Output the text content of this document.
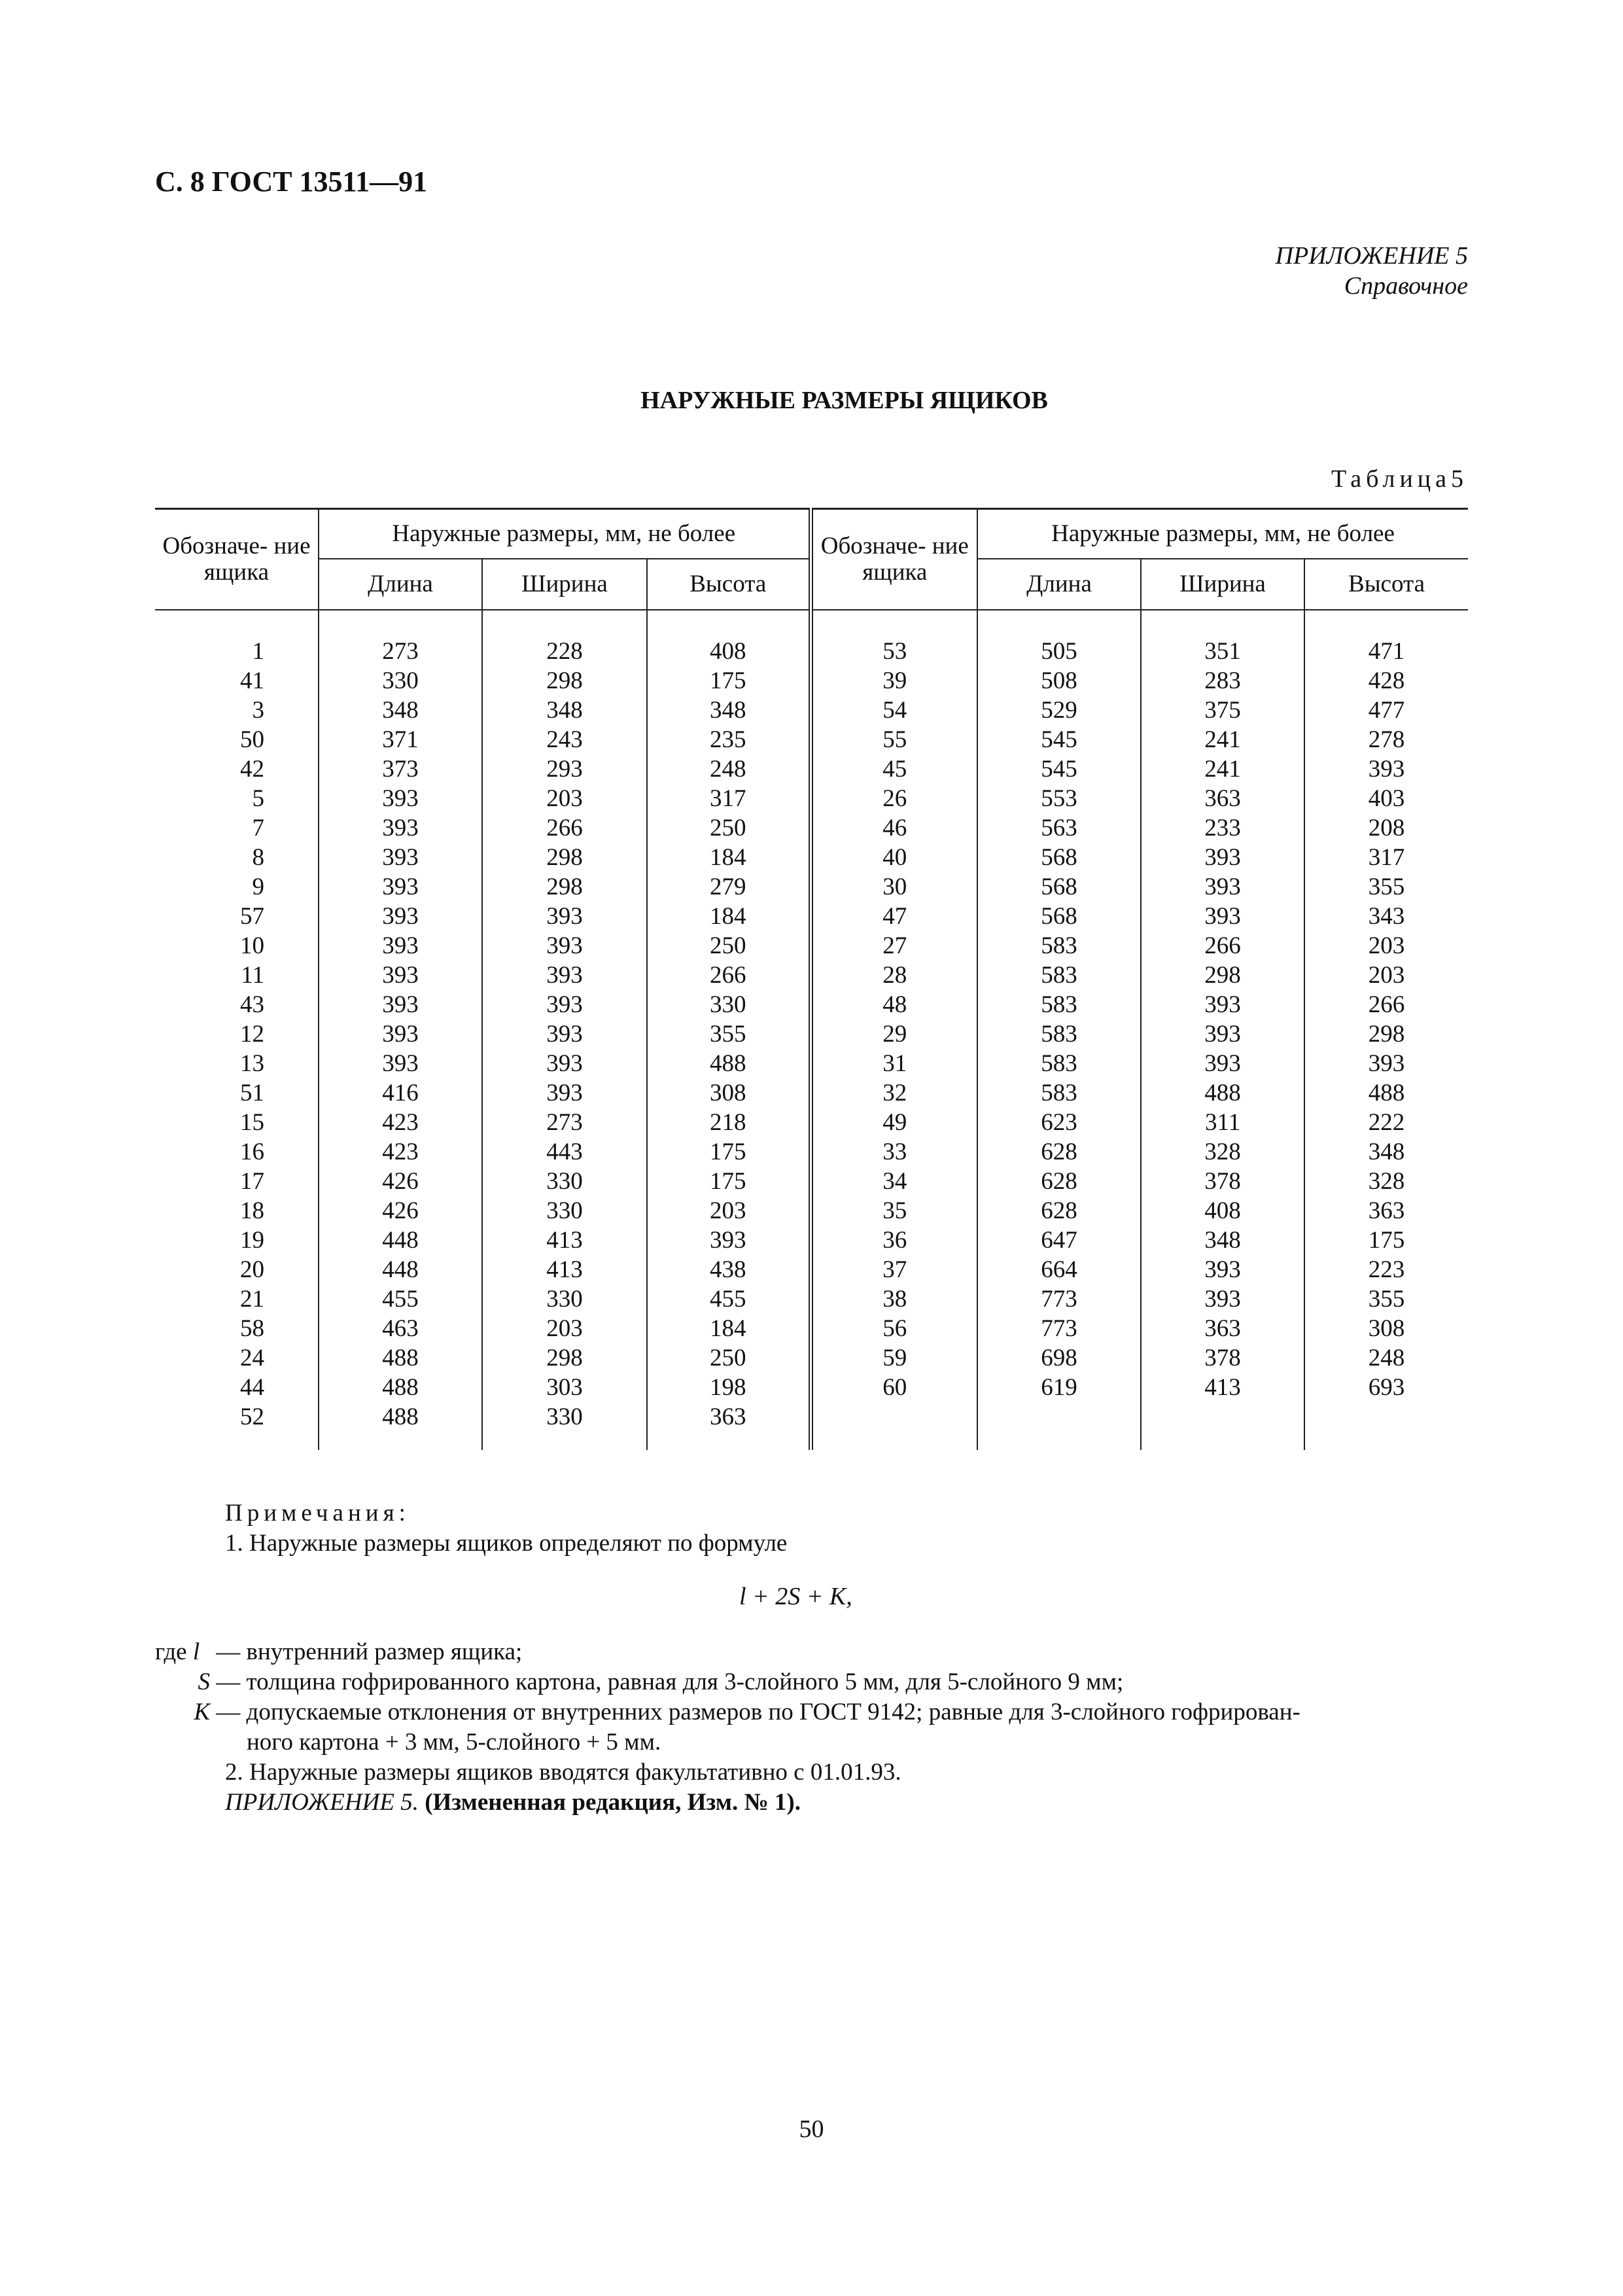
С. 8 ГОСТ 13511—91
ПРИЛОЖЕНИЕ 5
Справочное
НАРУЖНЫЕ РАЗМЕРЫ ЯЩИКОВ
Таблица5
Обозначе- ние ящика	Наружные размеры, мм, не более			Обозначе- ние ящика	Наружные размеры, мм, не более		
	Длина	Ширина	Высота		Длина	Ширина	Высота

1	273	228	408	53	505	351	471
41	330	298	175	39	508	283	428
3	348	348	348	54	529	375	477
50	371	243	235	55	545	241	278
42	373	293	248	45	545	241	393
5	393	203	317	26	553	363	403
7	393	266	250	46	563	233	208
8	393	298	184	40	568	393	317
9	393	298	279	30	568	393	355
57	393	393	184	47	568	393	343
10	393	393	250	27	583	266	203
11	393	393	266	28	583	298	203
43	393	393	330	48	583	393	266
12	393	393	355	29	583	393	298
13	393	393	488	31	583	393	393
51	416	393	308	32	583	488	488
15	423	273	218	49	623	311	222
16	423	443	175	33	628	328	348
17	426	330	175	34	628	378	328
18	426	330	203	35	628	408	363
19	448	413	393	36	647	348	175
20	448	413	438	37	664	393	223
21	455	330	455	38	773	393	355
58	463	203	184	56	773	363	308
24	488	298	250	59	698	378	248
44	488	303	198	60	619	413	693
52	488	330	363				

Примечания:
1. Наружные размеры ящиков определяют по формуле
l + 2S + K,
где l — внутренний размер ящика;
S — толщина гофрированного картона, равная для 3-слойного 5 мм, для 5-слойного 9 мм;
K — допускаемые отклонения от внутренних размеров по ГОСТ 9142; равные для 3-слойного гофрирован-
ного картона + 3 мм, 5-слойного + 5 мм.
2. Наружные размеры ящиков вводятся факультативно с 01.01.93.
ПРИЛОЖЕНИЕ 5. (Измененная редакция, Изм. № 1).
50
